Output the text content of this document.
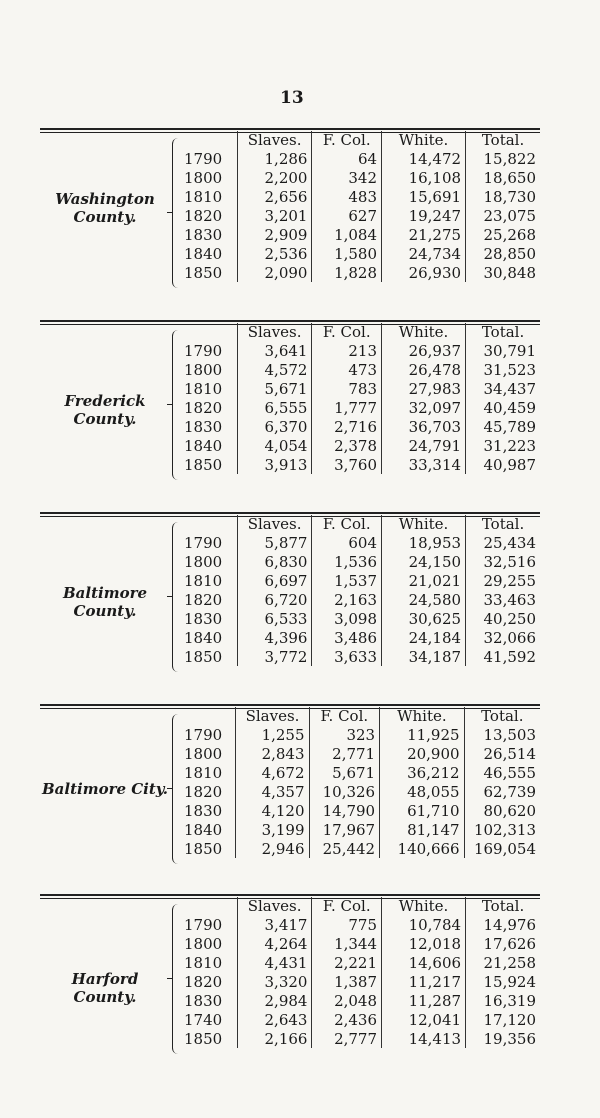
13
Washington County.
	Slaves.	F. Col.	White.	Total.
1790	1,286	64	14,472	15,822
1800	2,200	342	16,108	18,650
1810	2,656	483	15,691	18,730
1820	3,201	627	19,247	23,075
1830	2,909	1,084	21,275	25,268
1840	2,536	1,580	24,734	28,850
1850	2,090	1,828	26,930	30,848
Frederick County.
	Slaves.	F. Col.	White.	Total.
1790	3,641	213	26,937	30,791
1800	4,572	473	26,478	31,523
1810	5,671	783	27,983	34,437
1820	6,555	1,777	32,097	40,459
1830	6,370	2,716	36,703	45,789
1840	4,054	2,378	24,791	31,223
1850	3,913	3,760	33,314	40,987
Baltimore County.
	Slaves.	F. Col.	White.	Total.
1790	5,877	604	18,953	25,434
1800	6,830	1,536	24,150	32,516
1810	6,697	1,537	21,021	29,255
1820	6,720	2,163	24,580	33,463
1830	6,533	3,098	30,625	40,250
1840	4,396	3,486	24,184	32,066
1850	3,772	3,633	34,187	41,592
Baltimore City.
	Slaves.	F. Col.	White.	Total.
1790	1,255	323	11,925	13,503
1800	2,843	2,771	20,900	26,514
1810	4,672	5,671	36,212	46,555
1820	4,357	10,326	48,055	62,739
1830	4,120	14,790	61,710	80,620
1840	3,199	17,967	81,147	102,313
1850	2,946	25,442	140,666	169,054
Harford County.
	Slaves.	F. Col.	White.	Total.
1790	3,417	775	10,784	14,976
1800	4,264	1,344	12,018	17,626
1810	4,431	2,221	14,606	21,258
1820	3,320	1,387	11,217	15,924
1830	2,984	2,048	11,287	16,319
1740	2,643	2,436	12,041	17,120
1850	2,166	2,777	14,413	19,356
